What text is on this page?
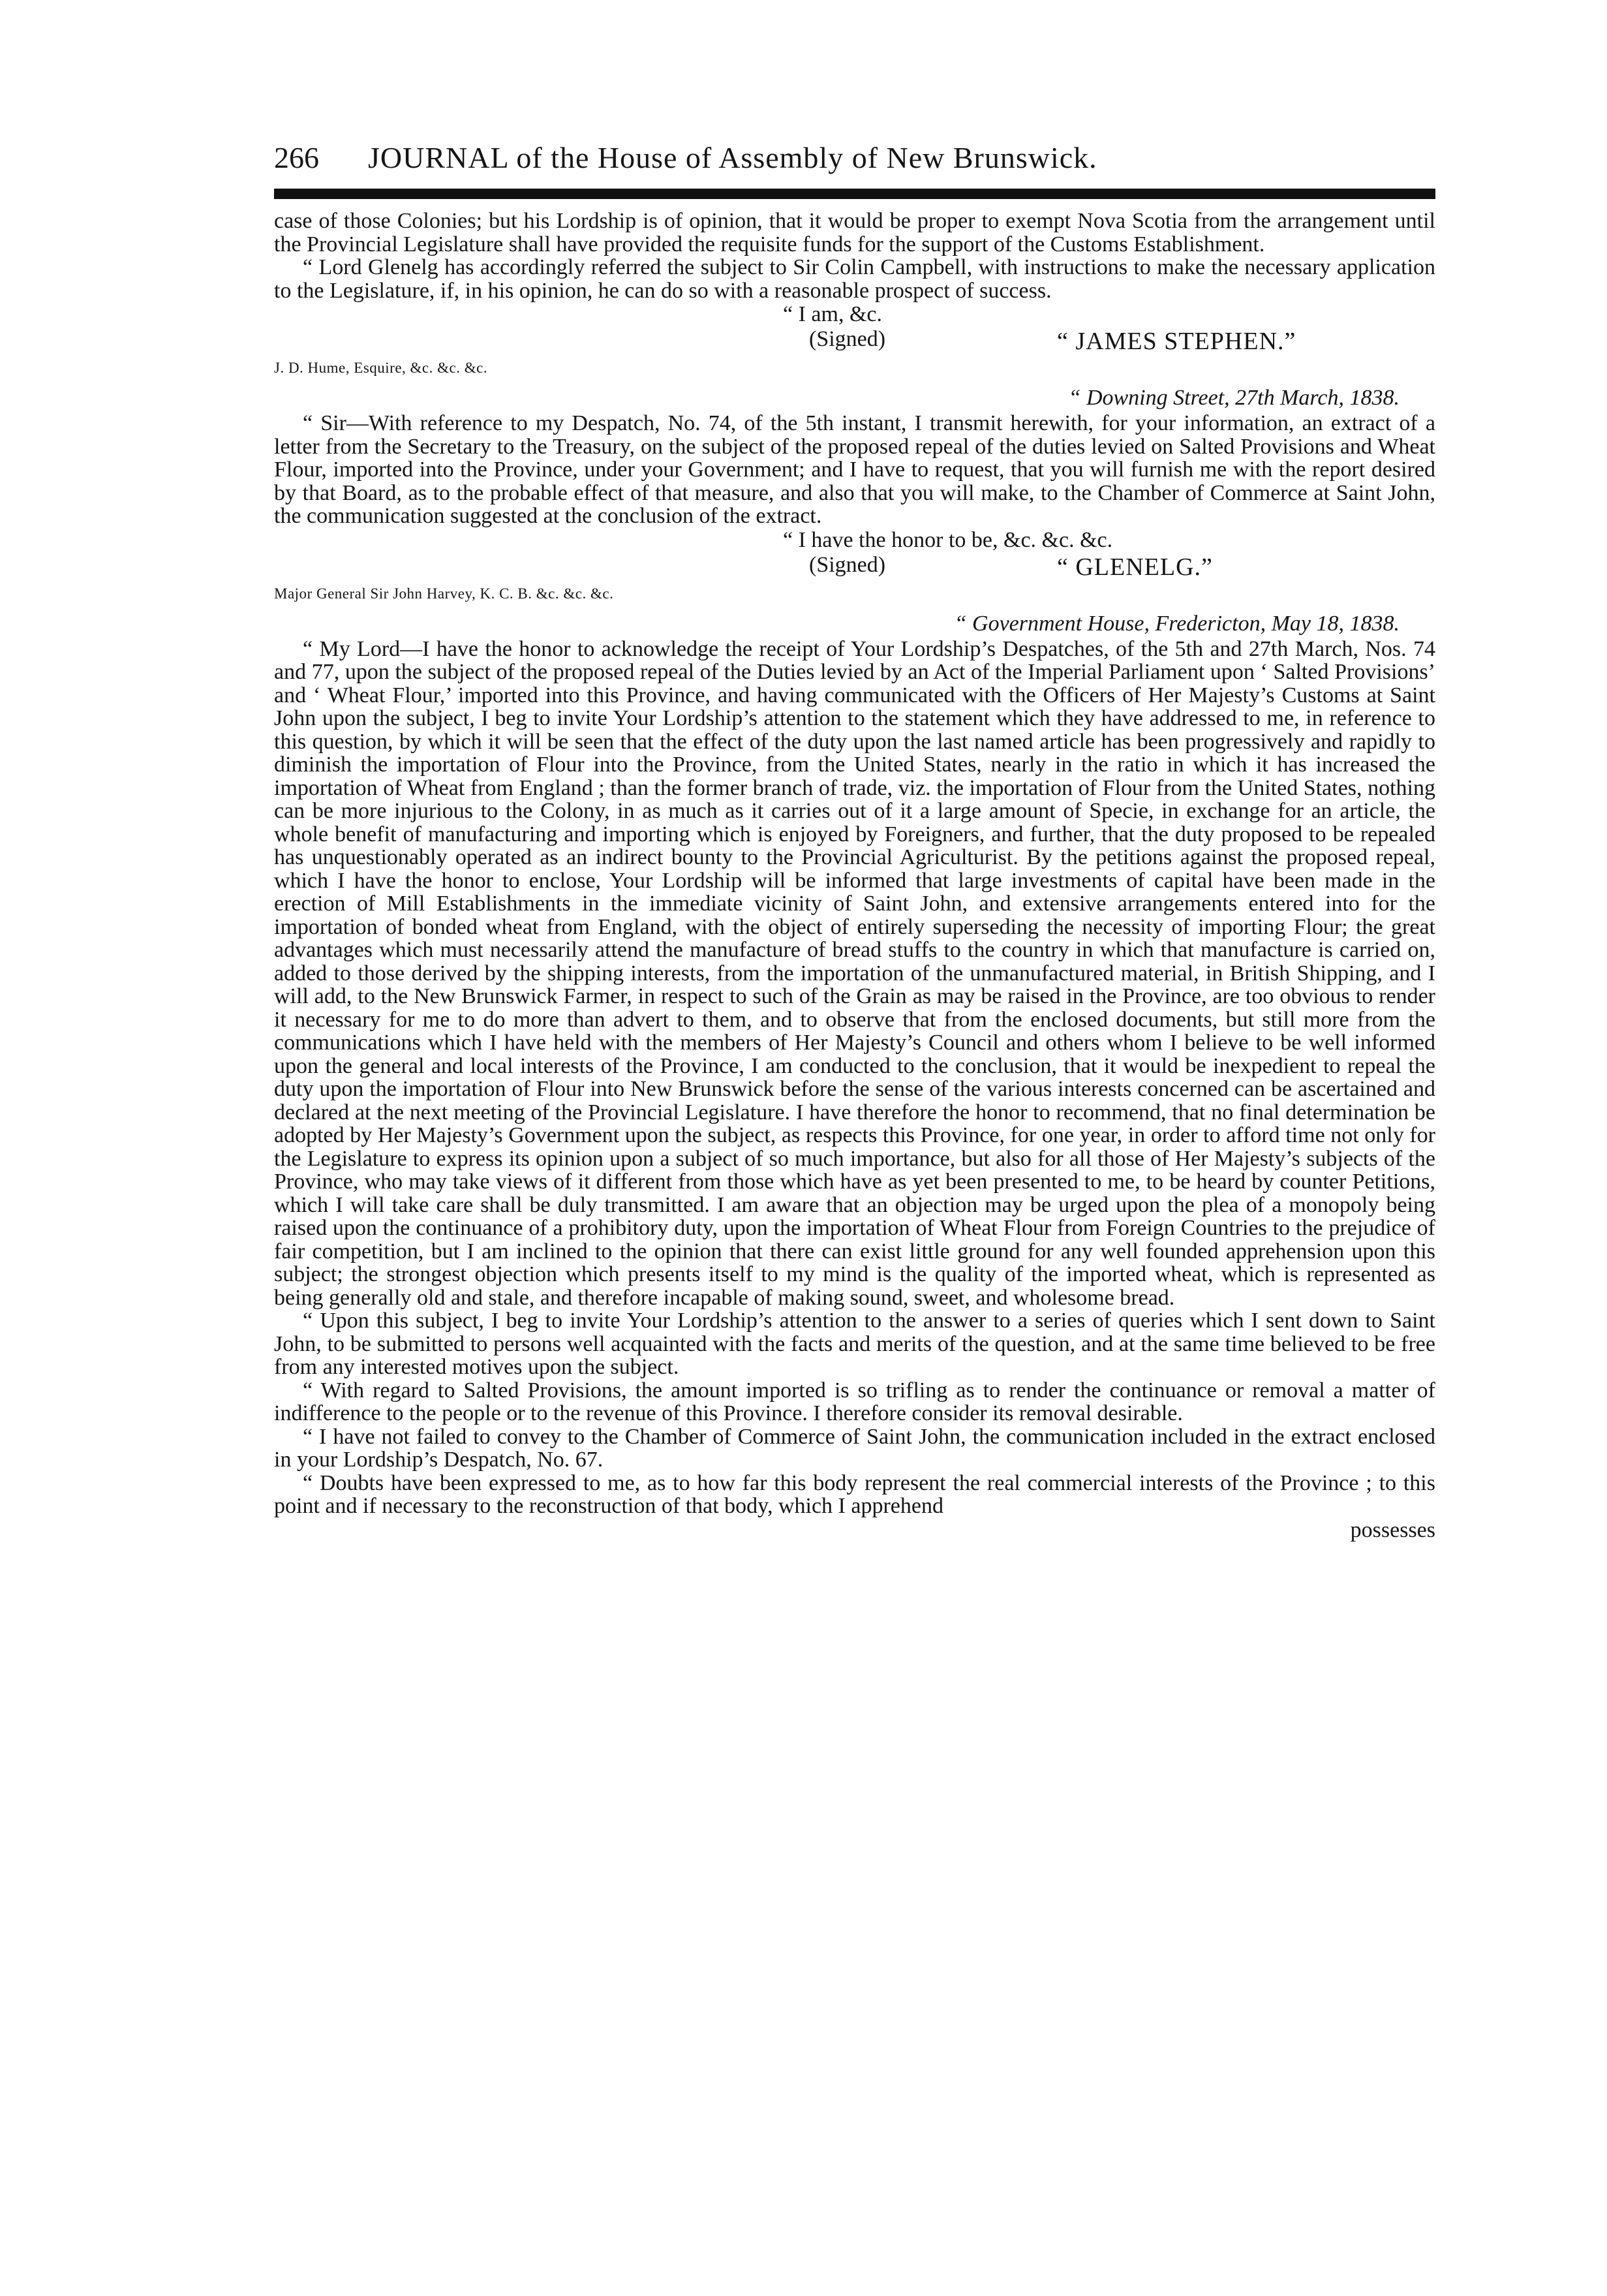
266	JOURNAL of the House of Assembly of New Brunswick.

case of those Colonies; but his Lordship is of opinion, that it would be proper to exempt Nova Scotia from the arrangement until the Provincial Legislature shall have provided the requisite funds for the support of the Customs Establishment.

“ Lord Glenelg has accordingly referred the subject to Sir Colin Campbell, with instructions to make the necessary application to the Legislature, if, in his opinion, he can do so with a reasonable prospect of success.

“ I am, &c.

(Signed)	“ JAMES STEPHEN.”

J. D. Hume, Esquire, &c. &c. &c.

“ Downing Street, 27th March, 1838.

“ Sir—With reference to my Despatch, No. 74, of the 5th instant, I transmit herewith, for your information, an extract of a letter from the Secretary to the Treasury, on the subject of the proposed repeal of the duties levied on Salted Provisions and Wheat Flour, imported into the Province, under your Government; and I have to request, that you will furnish me with the report desired by that Board, as to the probable effect of that measure, and also that you will make, to the Chamber of Commerce at Saint John, the communication suggested at the conclusion of the extract.

“ I have the honor to be, &c. &c. &c.

(Signed)	“ GLENELG.”

Major General Sir John Harvey, K. C. B. &c. &c. &c.

“ Government House, Fredericton, May 18, 1838.

“ My Lord—I have the honor to acknowledge the receipt of Your Lordship’s Despatches, of the 5th and 27th March, Nos. 74 and 77, upon the subject of the proposed repeal of the Duties levied by an Act of the Imperial Parliament upon ‘ Salted Provisions’ and ‘ Wheat Flour,’ imported into this Province, and having communicated with the Officers of Her Majesty’s Customs at Saint John upon the subject, I beg to invite Your Lordship’s attention to the statement which they have addressed to me, in reference to this question, by which it will be seen that the effect of the duty upon the last named article has been progressively and rapidly to diminish the importation of Flour into the Province, from the United States, nearly in the ratio in which it has increased the importation of Wheat from England ; than the former branch of trade, viz. the importation of Flour from the United States, nothing can be more injurious to the Colony, in as much as it carries out of it a large amount of Specie, in exchange for an article, the whole benefit of manufacturing and importing which is enjoyed by Foreigners, and further, that the duty proposed to be repealed has unquestionably operated as an indirect bounty to the Provincial Agriculturist. By the petitions against the proposed repeal, which I have the honor to enclose, Your Lordship will be informed that large investments of capital have been made in the erection of Mill Establishments in the immediate vicinity of Saint John, and extensive arrangements entered into for the importation of bonded wheat from England, with the object of entirely superseding the necessity of importing Flour; the great advantages which must necessarily attend the manufacture of bread stuffs to the country in which that manufacture is carried on, added to those derived by the shipping interests, from the importation of the unmanufactured material, in British Shipping, and I will add, to the New Brunswick Farmer, in respect to such of the Grain as may be raised in the Province, are too obvious to render it necessary for me to do more than advert to them, and to observe that from the enclosed documents, but still more from the communications which I have held with the members of Her Majesty’s Council and others whom I believe to be well informed upon the general and local interests of the Province, I am conducted to the conclusion, that it would be inexpedient to repeal the duty upon the importation of Flour into New Brunswick before the sense of the various interests concerned can be ascertained and declared at the next meeting of the Provincial Legislature. I have therefore the honor to recommend, that no final determination be adopted by Her Majesty’s Government upon the subject, as respects this Province, for one year, in order to afford time not only for the Legislature to express its opinion upon a subject of so much importance, but also for all those of Her Majesty’s subjects of the Province, who may take views of it different from those which have as yet been presented to me, to be heard by counter Petitions, which I will take care shall be duly transmitted. I am aware that an objection may be urged upon the plea of a monopoly being raised upon the continuance of a prohibitory duty, upon the importation of Wheat Flour from Foreign Countries to the prejudice of fair competition, but I am inclined to the opinion that there can exist little ground for any well founded apprehension upon this subject; the strongest objection which presents itself to my mind is the quality of the imported wheat, which is represented as being generally old and stale, and therefore incapable of making sound, sweet, and wholesome bread.

“ Upon this subject, I beg to invite Your Lordship’s attention to the answer to a series of queries which I sent down to Saint John, to be submitted to persons well acquainted with the facts and merits of the question, and at the same time believed to be free from any interested motives upon the subject.

“ With regard to Salted Provisions, the amount imported is so trifling as to render the continuance or removal a matter of indifference to the people or to the revenue of this Province. I therefore consider its removal desirable.

“ I have not failed to convey to the Chamber of Commerce of Saint John, the communication included in the extract enclosed in your Lordship’s Despatch, No. 67.

“ Doubts have been expressed to me, as to how far this body represent the real commercial interests of the Province ; to this point and if necessary to the reconstruction of that body, which I apprehend

possesses
